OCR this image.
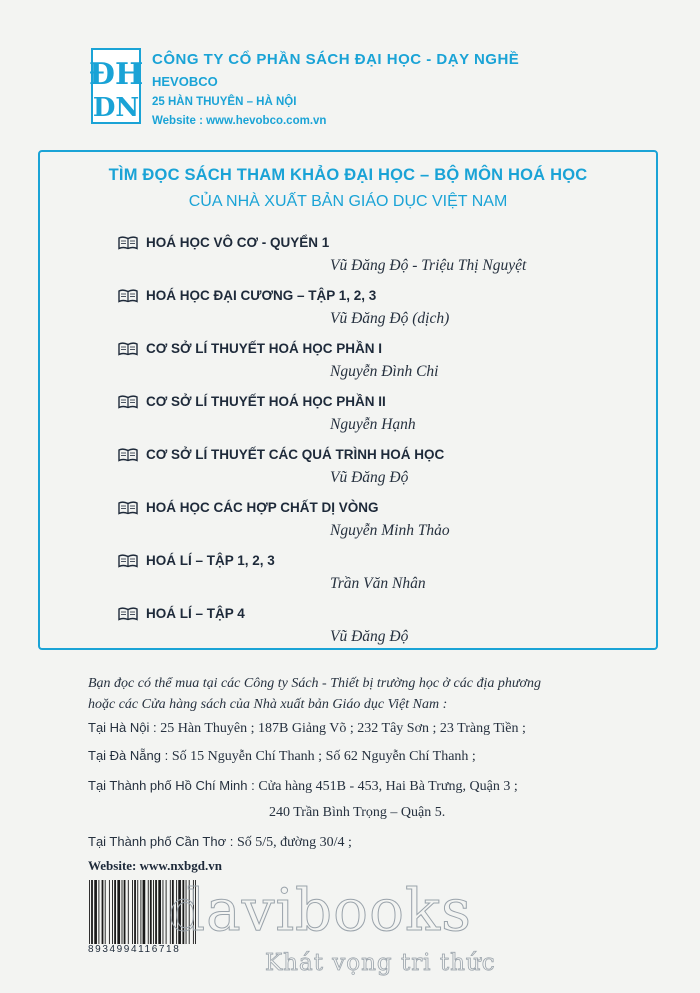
ĐH
DN
CÔNG TY CỔ PHẦN SÁCH ĐẠI HỌC - DẠY NGHỀ
HEVOBCO
25 HÀN THUYÊN – HÀ NỘI
Website : www.hevobco.com.vn
TÌM ĐỌC SÁCH THAM KHẢO ĐẠI HỌC – BỘ MÔN HOÁ HỌC
CỦA NHÀ XUẤT BẢN GIÁO DỤC VIỆT NAM
HOÁ HỌC VÔ CƠ - QUYỂN 1
Vũ Đăng Độ - Triệu Thị Nguyệt
HOÁ HỌC ĐẠI CƯƠNG – TẬP 1, 2, 3
Vũ Đăng Độ (dịch)
CƠ SỞ LÍ THUYẾT HOÁ HỌC PHẦN I
Nguyễn Đình Chi
CƠ SỞ LÍ THUYẾT HOÁ HỌC PHẦN II
Nguyễn Hạnh
CƠ SỞ LÍ THUYẾT CÁC QUÁ TRÌNH HOÁ HỌC
Vũ Đăng Độ
HOÁ HỌC CÁC HỢP CHẤT DỊ VÒNG
Nguyễn Minh Thảo
HOÁ LÍ – TẬP 1, 2, 3
Trần Văn Nhân
HOÁ LÍ – TẬP 4
Vũ Đăng Độ
Bạn đọc có thể mua tại các Công ty Sách - Thiết bị trường học ở các địa phương
hoặc các Cửa hàng sách của Nhà xuất bản Giáo dục Việt Nam :
Tại Hà Nội : 25 Hàn Thuyên ; 187B Giảng Võ ; 232 Tây Sơn ; 23 Tràng Tiền ;
Tại Đà Nẵng : Số 15 Nguyễn Chí Thanh ; Số 62 Nguyễn Chí Thanh ;
Tại Thành phố Hồ Chí Minh : Cửa hàng 451B - 453, Hai Bà Trưng, Quận 3 ;
240 Trần Bình Trọng – Quận 5.
Tại Thành phố Cần Thơ : Số 5/5, đường 30/4 ;
Website: www.nxbgd.vn
8934994116718
davibooks
Khát vọng tri thức
